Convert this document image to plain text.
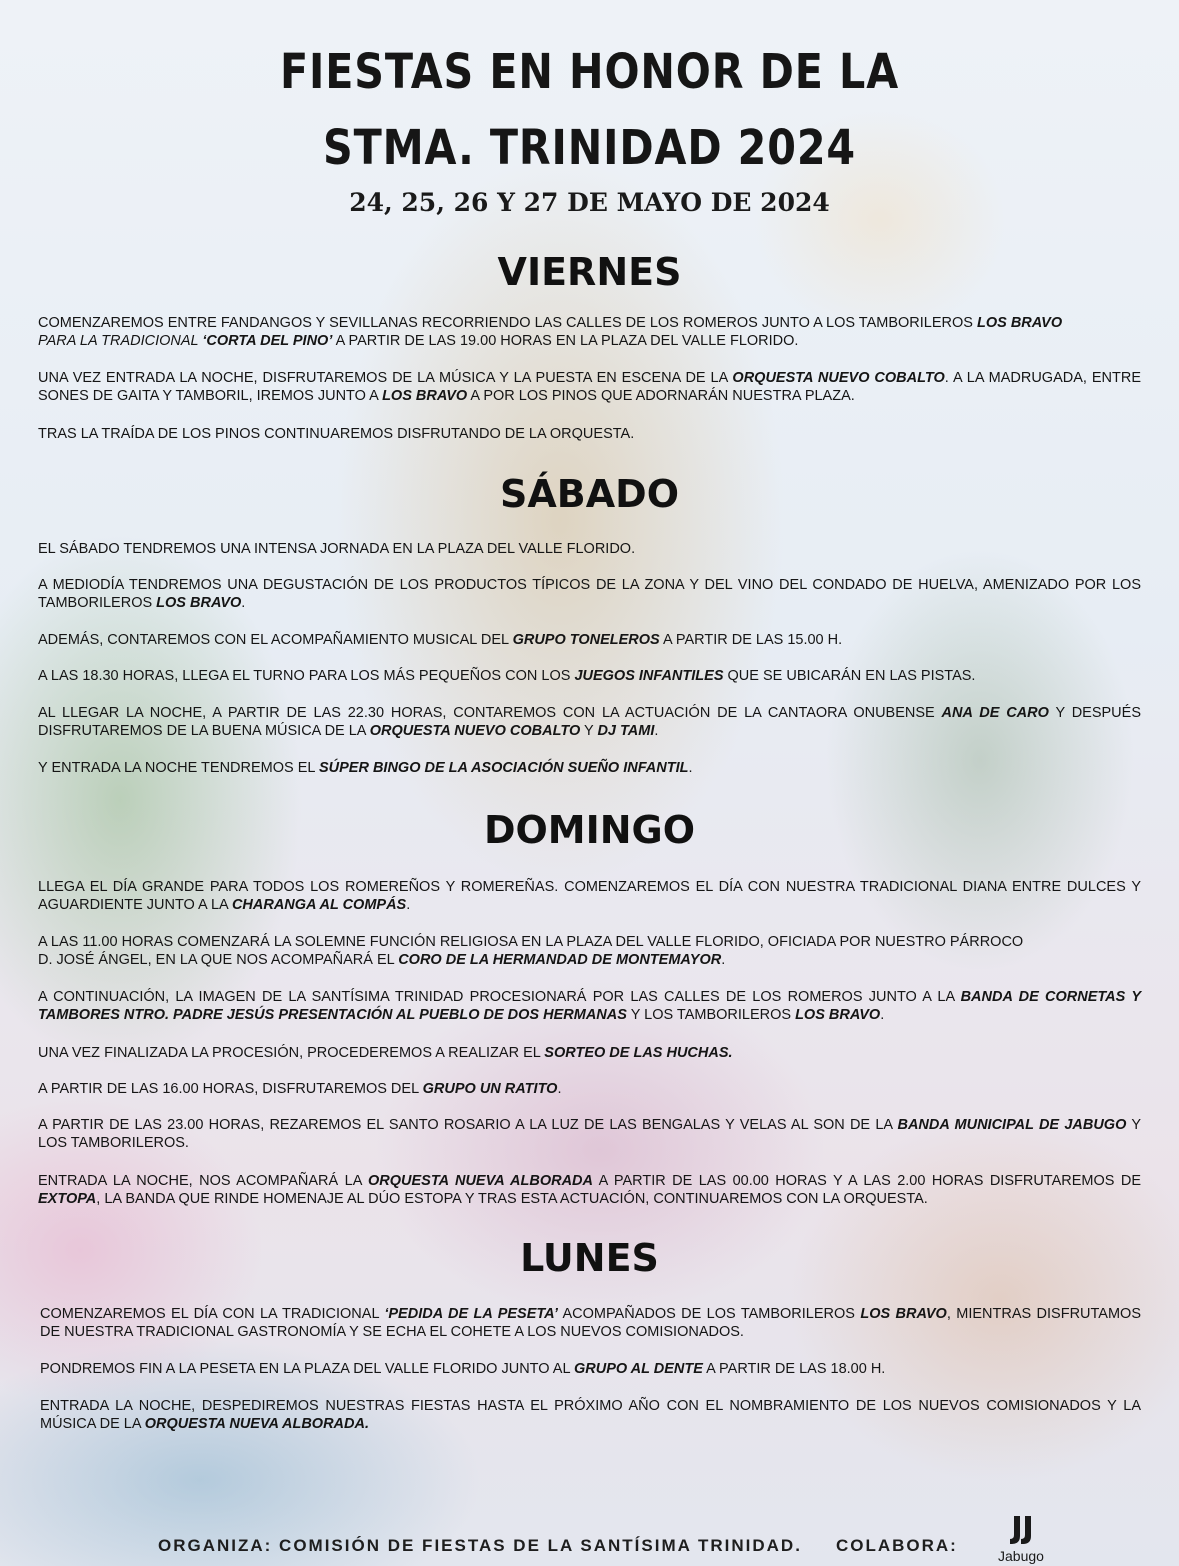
FIESTAS EN HONOR DE LA
STMA. TRINIDAD 2024
24, 25, 26 Y 27 DE MAYO DE 2024
VIERNES
COMENZAREMOS ENTRE FANDANGOS Y SEVILLANAS RECORRIENDO LAS CALLES DE LOS ROMEROS JUNTO A LOS TAMBORILEROS LOS BRAVO
PARA LA TRADICIONAL ‘CORTA DEL PINO’ A PARTIR DE LAS 19.00 HORAS EN LA PLAZA DEL VALLE FLORIDO.
UNA VEZ ENTRADA LA NOCHE, DISFRUTAREMOS DE LA MÚSICA Y LA PUESTA EN ESCENA DE LA ORQUESTA NUEVO COBALTO. A LA MADRUGADA, ENTRE SONES DE GAITA Y TAMBORIL, IREMOS JUNTO A LOS BRAVO A POR LOS PINOS QUE ADORNARÁN NUESTRA PLAZA.
TRAS LA TRAÍDA DE LOS PINOS CONTINUAREMOS DISFRUTANDO DE LA ORQUESTA.
SÁBADO
EL SÁBADO TENDREMOS UNA INTENSA JORNADA EN LA PLAZA DEL VALLE FLORIDO.
A MEDIODÍA TENDREMOS UNA DEGUSTACIÓN DE LOS PRODUCTOS TÍPICOS DE LA ZONA Y DEL VINO DEL CONDADO DE HUELVA, AMENIZADO POR LOS TAMBORILEROS LOS BRAVO.
ADEMÁS, CONTAREMOS CON EL ACOMPAÑAMIENTO MUSICAL DEL GRUPO TONELEROS A PARTIR DE LAS 15.00 H.
A LAS 18.30 HORAS, LLEGA EL TURNO PARA LOS MÁS PEQUEÑOS CON LOS JUEGOS INFANTILES QUE SE UBICARÁN EN LAS PISTAS.
AL LLEGAR LA NOCHE, A PARTIR DE LAS 22.30 HORAS, CONTAREMOS CON LA ACTUACIÓN DE LA CANTAORA ONUBENSE ANA DE CARO Y DESPUÉS DISFRUTAREMOS DE LA BUENA MÚSICA DE LA ORQUESTA NUEVO COBALTO Y DJ TAMI.
Y ENTRADA LA NOCHE TENDREMOS EL SÚPER BINGO DE LA ASOCIACIÓN SUEÑO INFANTIL.
DOMINGO
LLEGA EL DÍA GRANDE PARA TODOS LOS ROMEREÑOS Y ROMEREÑAS. COMENZAREMOS EL DÍA CON NUESTRA TRADICIONAL DIANA ENTRE DULCES Y AGUARDIENTE JUNTO A LA CHARANGA AL COMPÁS.
A LAS 11.00 HORAS COMENZARÁ LA SOLEMNE FUNCIÓN RELIGIOSA EN LA PLAZA DEL VALLE FLORIDO, OFICIADA POR NUESTRO PÁRROCO
D. JOSÉ ÁNGEL, EN LA QUE NOS ACOMPAÑARÁ EL CORO DE LA HERMANDAD DE MONTEMAYOR.
A CONTINUACIÓN, LA IMAGEN DE LA SANTÍSIMA TRINIDAD PROCESIONARÁ POR LAS CALLES DE LOS ROMEROS JUNTO A LA BANDA DE CORNETAS Y TAMBORES NTRO. PADRE JESÚS PRESENTACIÓN AL PUEBLO DE DOS HERMANAS Y LOS TAMBORILEROS LOS BRAVO.
UNA VEZ FINALIZADA LA PROCESIÓN, PROCEDEREMOS A REALIZAR EL SORTEO DE LAS HUCHAS.
A PARTIR DE LAS 16.00 HORAS, DISFRUTAREMOS DEL GRUPO UN RATITO.
A PARTIR DE LAS 23.00 HORAS, REZAREMOS EL SANTO ROSARIO A LA LUZ DE LAS BENGALAS Y VELAS AL SON DE LA BANDA MUNICIPAL DE JABUGO Y LOS TAMBORILEROS.
ENTRADA LA NOCHE, NOS ACOMPAÑARÁ LA ORQUESTA NUEVA ALBORADA A PARTIR DE LAS 00.00 HORAS Y A LAS 2.00 HORAS DISFRUTAREMOS DE EXTOPA, LA BANDA QUE RINDE HOMENAJE AL DÚO ESTOPA Y TRAS ESTA ACTUACIÓN, CONTINUAREMOS CON LA ORQUESTA.
LUNES
COMENZAREMOS EL DÍA CON LA TRADICIONAL ‘PEDIDA DE LA PESETA’ ACOMPAÑADOS DE LOS TAMBORILEROS LOS BRAVO, MIENTRAS DISFRUTAMOS DE NUESTRA TRADICIONAL GASTRONOMÍA Y SE ECHA EL COHETE A LOS NUEVOS COMISIONADOS.
PONDREMOS FIN A LA PESETA EN LA PLAZA DEL VALLE FLORIDO JUNTO AL GRUPO AL DENTE A PARTIR DE LAS 18.00 H.
ENTRADA LA NOCHE, DESPEDIREMOS NUESTRAS FIESTAS HASTA EL PRÓXIMO AÑO CON EL NOMBRAMIENTO DE LOS NUEVOS COMISIONADOS Y LA MÚSICA DE LA ORQUESTA NUEVA ALBORADA.
ORGANIZA: COMISIÓN DE FIESTAS DE LA SANTÍSIMA TRINIDAD. COLABORA:
Jabugo
